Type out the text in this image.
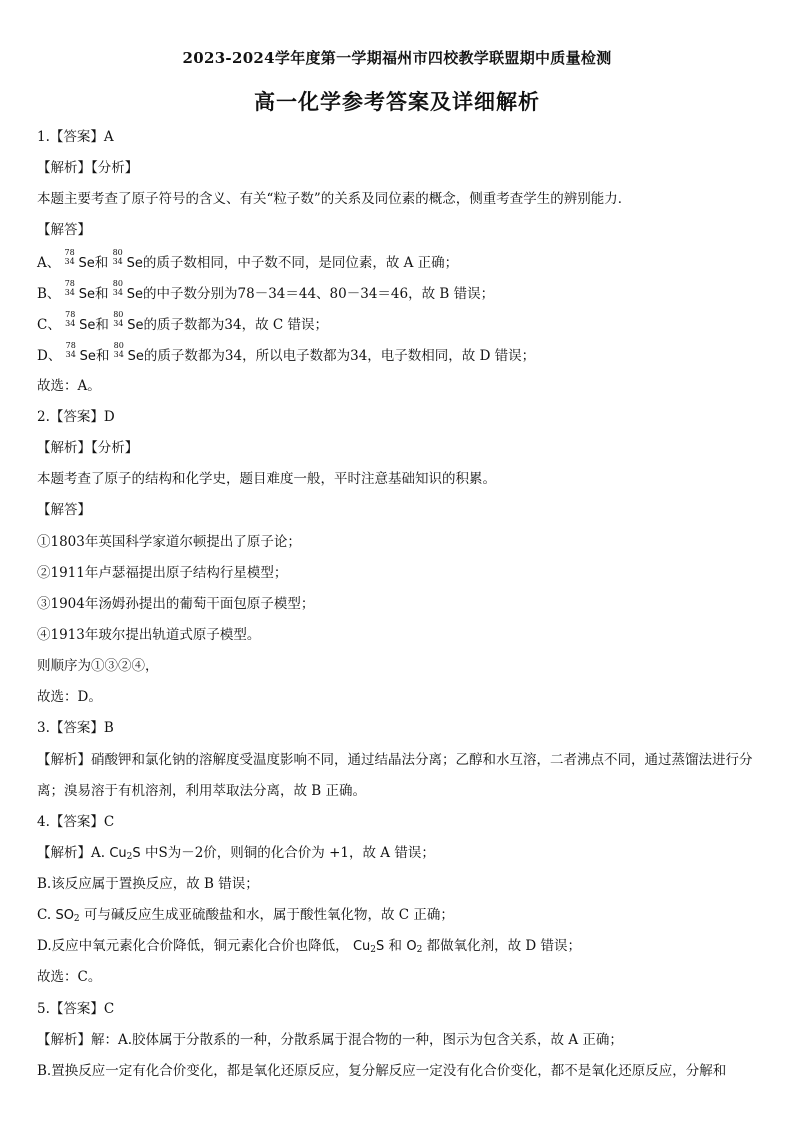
2023-2024学年度第一学期福州市四校教学联盟期中质量检测
高一化学参考答案及详细解析
1.【答案】A
【解析】【分析】
本题主要考查了原子符号的含义、有关“粒子数”的关系及同位素的概念，侧重考查学生的辨别能力．
【解答】
A、
78
34 Se和
80
34 Se的质子数相同，中子数不同，是同位素，故 A 正确；
B、
78
34 Se和
80
34 Se的中子数分别为78－34＝44、80－34＝46，故 B 错误；
C、
78
34 Se和
80
34 Se的质子数都为34，故 C 错误；
D、
78
34 Se和
80
34 Se的质子数都为34，所以电子数都为34，电子数相同，故 D 错误；
故选：A。
2.【答案】D
【解析】【分析】
本题考查了原子的结构和化学史，题目难度一般，平时注意基础知识的积累。
【解答】
①1803年英国科学家道尔顿提出了原子论；
②1911年卢瑟福提出原子结构行星模型；
③1904年汤姆孙提出的葡萄干面包原子模型；
④1913年玻尔提出轨道式原子模型。
则顺序为①③②④，
故选：D。
3.【答案】B
【解析】硝酸钾和氯化钠的溶解度受温度影响不同，通过结晶法分离；乙醇和水互溶，二者沸点不同，通过蒸馏法进行分离；溴易溶于有机溶剂，利用萃取法分离，故 B 正确。
4.【答案】C
【解析】A. $Cu_2S$ 中S为－2价，则铜的化合价为 +1，故 A 错误；
B.该反应属于置换反应，故 B 错误；
C. $SO_2$ 可与碱反应生成亚硫酸盐和水，属于酸性氧化物，故 C 正确；
D.反应中氧元素化合价降低，铜元素化合价也降低， $Cu_2S$ 和 $O_2$ 都做氧化剂，故 D 错误；
故选：C。
5.【答案】C
【解析】解：A.胶体属于分散系的一种，分散系属于混合物的一种，图示为包含关系，故 A 正确；
B.置换反应一定有化合价变化，都是氧化还原反应，复分解反应一定没有化合价变化，都不是氧化还原反应，分解和
